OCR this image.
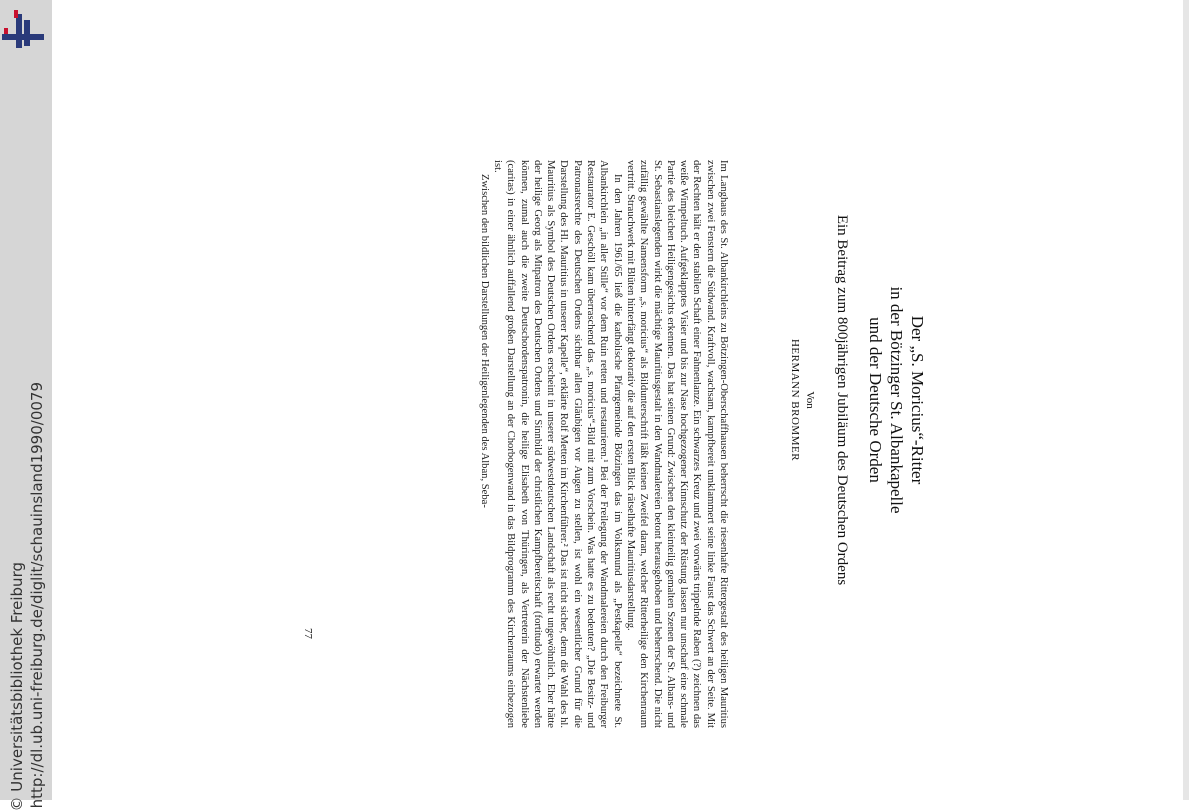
http://dl.ub.uni-freiburg.de/diglit/schauinsland1990/0079
© Universitätsbibliothek Freiburg
Der „S. Moricius“-Ritter
in der Bötzinger St. Albankapelle
und der Deutsche Orden
Ein Beitrag zum 800jährigen Jubiläum des Deutschen Ordens
Von
HERMANN BROMMER

Im Langhaus des St. Albankirchleins zu Bötzingen-Oberschaffhausen beherrscht die riesenhafte Rittergestalt des heiligen Mauritius zwischen zwei Fenstern die Südwand. Kraftvoll, wachsam, kampfbereit umklammert seine linke Faust das Schwert an der Seite. Mit der Rechten hält er den stabilen Schaft einer Fahnenlanze. Ein schwarzes Kreuz und zwei vorwärts trippelnde Raben (?) zeichnen das weiße Wimpeltuch. Aufgeklapptes Visier und bis zur Nase hochgezogener Kinnschutz der Rüstung lassen nur unscharf eine schmale Partie des bleichen Heiligengesichts erkennen. Das hat seinen Grund: Zwischen den kleinteilig gemalten Szenen der St. Albans- und St. Sebastianslegenden wirkt die mächtige Mauritiusgestalt in den Wandmalereien betont herausgehoben und beherrschend. Die nicht zufällig gewählte Namensform „s. moricius“ als Bildunterschrift läßt keinen Zweifel daran, welcher Ritterheilige den Kirchenraum vertritt. Strauchwerk mit Blüten hinterfängt dekorativ die auf den ersten Blick rätselhafte Mauritiusdarstellung.

In den Jahren 1961/65 ließ die katholische Pfarrgemeinde Bötzingen das im Volksmund als „Pestkapelle“ bezeichnete St. Albankirchlein „in aller Stille“ vor dem Ruin retten und restaurieren.¹ Bei der Freilegung der Wandmalereien durch den Freiburger Restaurator E. Geschöll kam überraschend das „s. moricius“-Bild mit zum Vorschein. Was hatte es zu bedeuten? „Die Besitz- und Patronatsrechte des Deutschen Ordens sichtbar allen Gläubigen vor Augen zu stellen, ist wohl ein wesentlicher Grund für die Darstellung des Hl. Mauritius in unserer Kapelle“, erklärte Rolf Metten im Kirchenführer.² Das ist nicht sicher, denn die Wahl des hl. Mauritius als Symbol des Deutschen Ordens erscheint in unserer südwestdeutschen Landschaft als recht ungewöhnlich. Eher hätte der heilige Georg als Mitpatron des Deutschen Ordens und Sinnbild der christlichen Kampfbereitschaft (fortitudo) erwartet werden können, zumal auch die zweite Deutschordenspatronin, die heilige Elisabeth von Thüringen, als Vertreterin der Nächstenliebe (caritas) in einer ähnlich auffallend großen Darstellung an der Chorbogenwand in das Bildprogramm des Kirchenraums einbezogen ist.

Zwischen den bildlichen Darstellungen der Heiligenlegenden des Alban, Seba-

77
